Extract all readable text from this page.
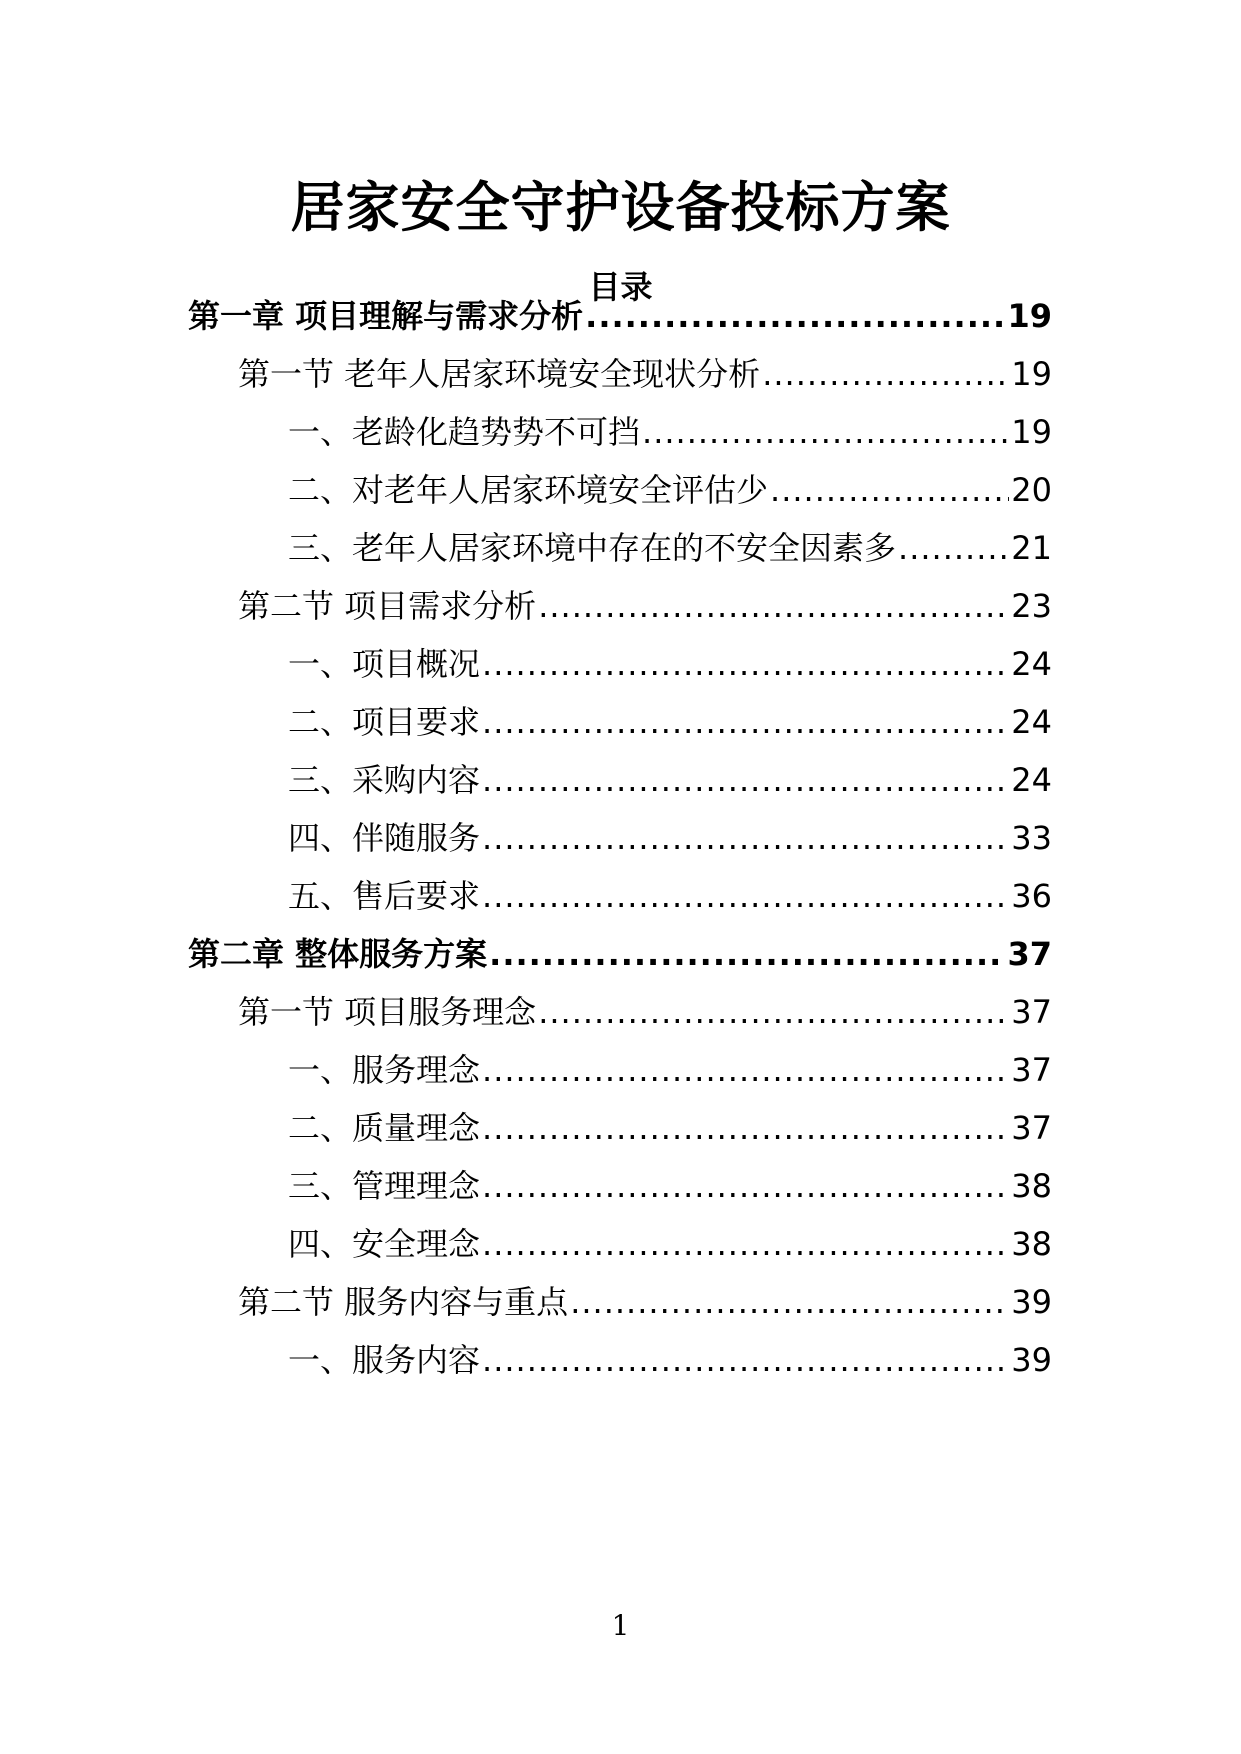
居家安全守护设备投标方案
目录
第一章 项目理解与需求分析 .....	19
第一节 老年人居家环境安全现状分析 .....	19
一、老龄化趋势势不可挡 .....	19
二、对老年人居家环境安全评估少 .....	20
三、老年人居家环境中存在的不安全因素多 .....	21
第二节 项目需求分析 .....	23
一、项目概况 .....	24
二、项目要求 .....	24
三、采购内容 .....	24
四、伴随服务 .....	33
五、售后要求 .....	36
第二章 整体服务方案 .....	37
第一节 项目服务理念 .....	37
一、服务理念 .....	37
二、质量理念 .....	37
三、管理理念 .....	38
四、安全理念 .....	38
第二节 服务内容与重点 .....	39
一、服务内容 .....	39
1
